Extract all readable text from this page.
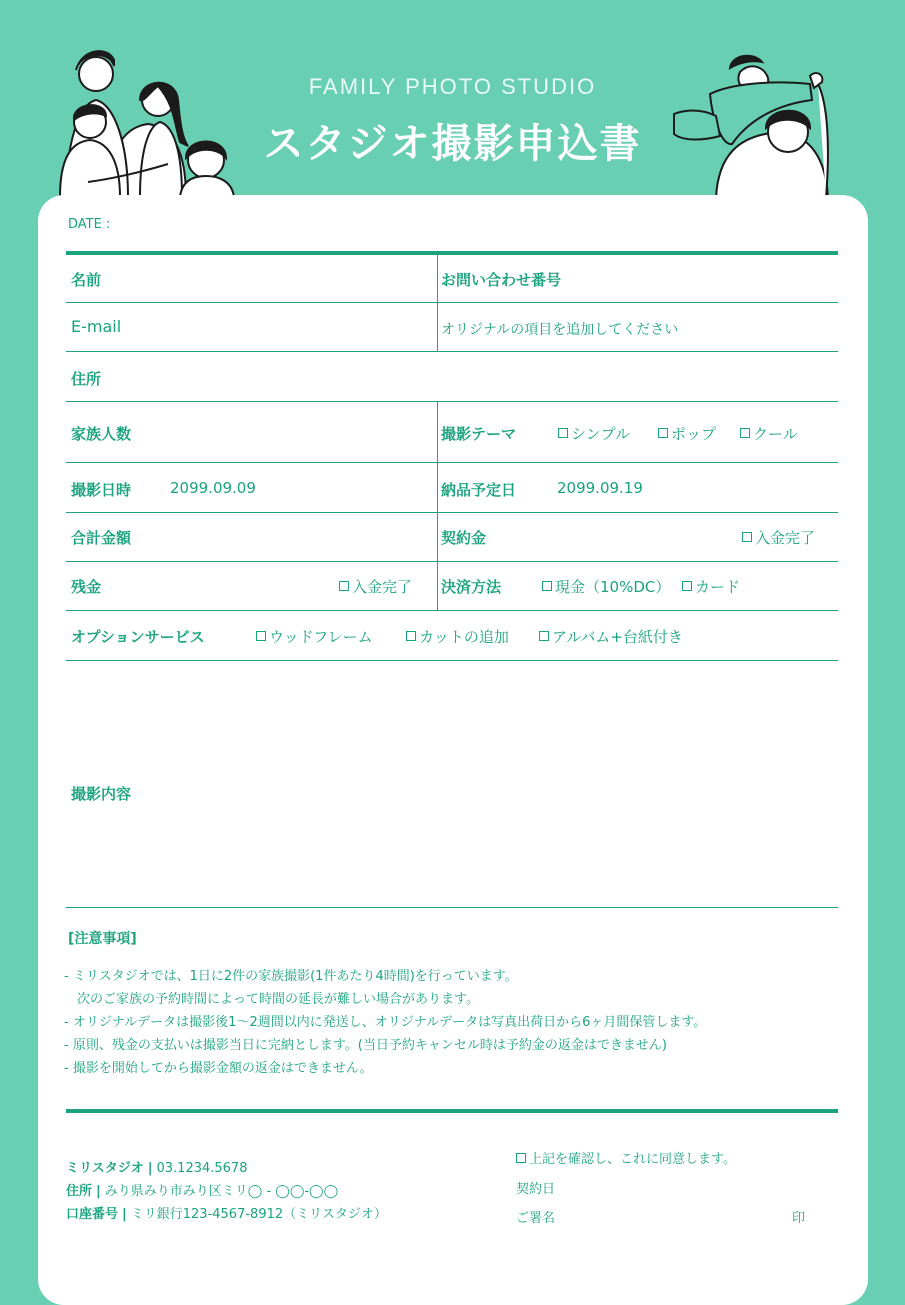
FAMILY PHOTO STUDIO
スタジオ撮影申込書
DATE :
名前	お問い合わせ番号
E-mail	オリジナルの項目を追加してください
住所
家族人数	撮影テーマ	シンプル	ポップ	クール
撮影日時	2099.09.09	納品予定日	2099.09.19
合計金額	契約金	入金完了
残金	入金完了 決済方法	現金（10%DC）	カード
オプションサービス	ウッドフレーム	カットの追加	アルバム+台紙付き
撮影内容
[注意事項]
- ミリスタジオでは、1日に2件の家族撮影(1件あたり4時間)を行っています。
　次のご家族の予約時間によって時間の延長が難しい場合があります。
- オリジナルデータは撮影後1〜2週間以内に発送し、オリジナルデータは写真出荷日から6ヶ月間保管します。
- 原則、残金の支払いは撮影当日に完納とします。(当日予約キャンセル時は予約金の返金はできません)
- 撮影を開始してから撮影金額の返金はできません。
ミリスタジオ | 03.1234.5678
住所 | みり県みり市みり区ミリ◯ - ◯◯-◯◯
口座番号 | ミリ銀行123-4567-8912（ミリスタジオ）
上記を確認し、これに同意します。
契約日
ご署名	印
